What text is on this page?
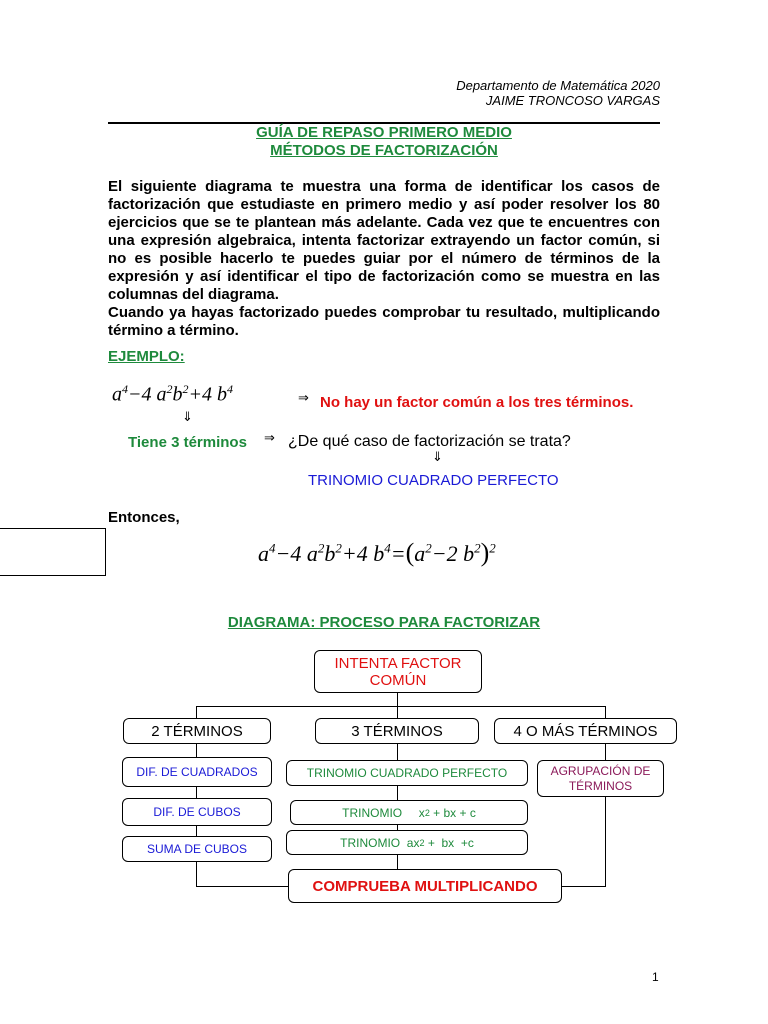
Departamento de Matemática 2020
JAIME TRONCOSO VARGAS
GUÍA DE REPASO PRIMERO MEDIO
MÉTODOS DE FACTORIZACIÓN

El siguiente diagrama te muestra una forma de identificar los casos de factorización que estudiaste en primero medio y así poder resolver los 80 ejercicios que se te plantean más adelante. Cada vez que te encuentres con una expresión algebraica, intenta factorizar extrayendo un factor común, si no es posible hacerlo te puedes guiar por el número de términos de la expresión y así identificar el tipo de factorización como se muestra en las columnas del diagrama.

Cuando ya hayas factorizado puedes comprobar tu resultado, multiplicando término a término.

EJEMPLO:
$a^4-4$ $a^2b^2+4$ $b^4$
⇒ No hay un factor común a los tres términos.
⇓
Tiene 3 términos ⇒ ¿De qué caso de factorización se trata?
⇓
TRINOMIO CUADRADO PERFECTO
Entonces,
$a^4-4$ $a^2b^2+4$ $b^4=(a^2-2$ $b^2)^2$
DIAGRAMA: PROCESO PARA FACTORIZAR
INTENTA FACTOR
COMÚN
2 TÉRMINOS	3 TÉRMINOS	4 O MÁS TÉRMINOS
DIF. DE CUADRADOS
DIF. DE CUBOS
SUMA DE CUBOS
TRINOMIO CUADRADO PERFECTO
TRINOMIO x 2 + bx + c
TRINOMIO ax 2 +  bx  +c
AGRUPACIÓN DE
TÉRMINOS
COMPRUEBA MULTIPLICANDO
1
